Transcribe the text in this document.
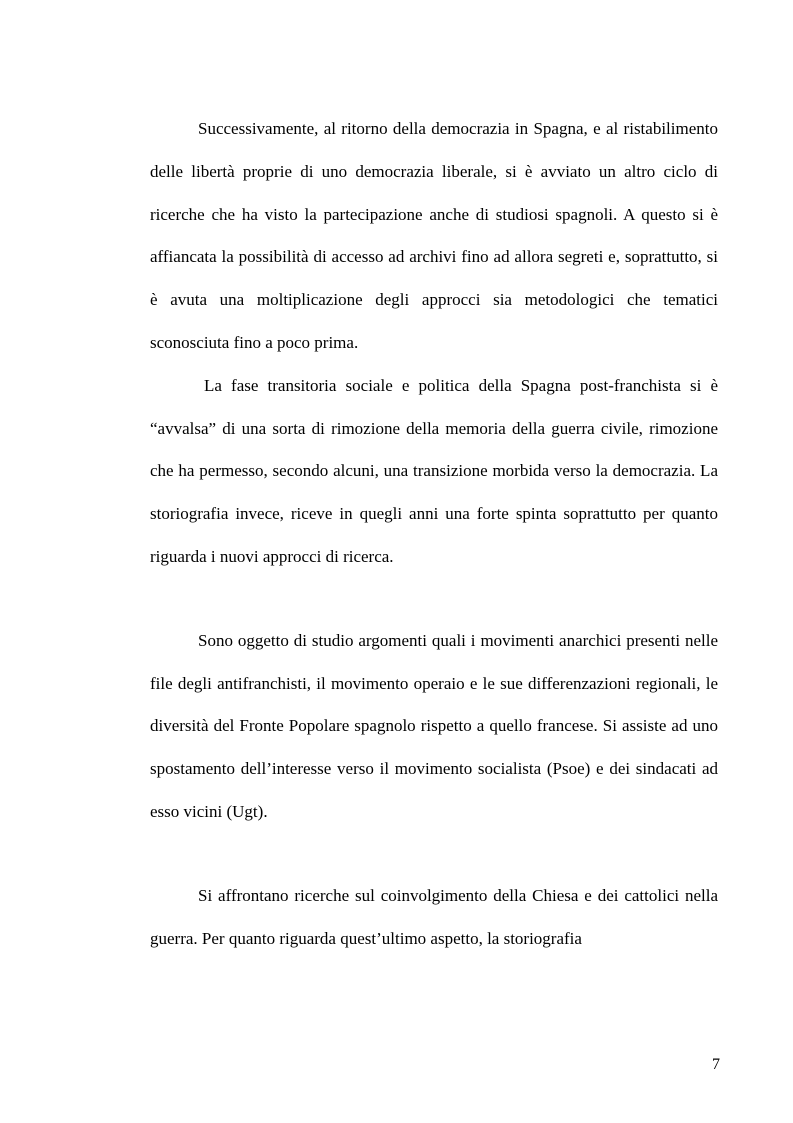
Successivamente, al ritorno della democrazia in Spagna, e al ristabilimento delle libertà proprie di uno democrazia liberale, si è avviato un altro ciclo di ricerche che ha visto la partecipazione anche di studiosi spagnoli. A questo si è affiancata la possibilità di accesso ad archivi fino ad allora segreti e, soprattutto, si è avuta una moltiplicazione degli approcci sia metodologici che tematici sconosciuta fino a poco prima.

La fase transitoria sociale e politica della Spagna post-franchista si è “avvalsa” di una sorta di rimozione della memoria della guerra civile, rimozione che ha permesso, secondo alcuni, una transizione morbida verso la democrazia. La storiografia invece, riceve in quegli anni una forte spinta soprattutto per quanto riguarda i nuovi approcci di ricerca.

Sono oggetto di studio argomenti quali i movimenti anarchici presenti nelle file degli antifranchisti, il movimento operaio e le sue differenzazioni regionali, le diversità del Fronte Popolare spagnolo rispetto a quello francese. Si assiste ad uno spostamento dell’interesse verso il movimento socialista (Psoe) e dei sindacati ad esso vicini (Ugt).

Si affrontano ricerche sul coinvolgimento della Chiesa e dei cattolici nella guerra. Per quanto riguarda quest’ultimo aspetto, la storiografia

7
